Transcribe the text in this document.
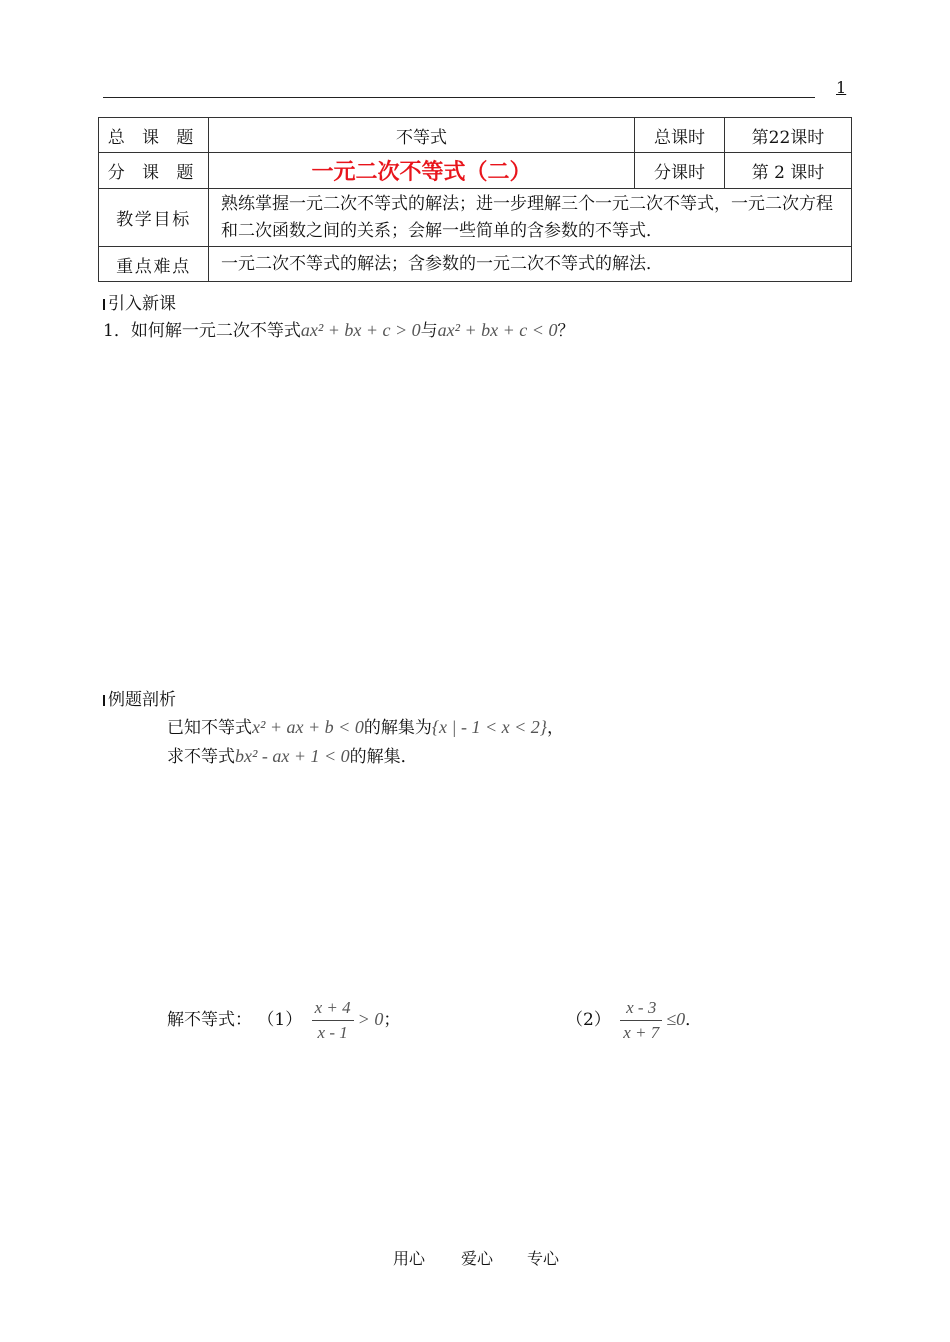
1
总 课 题	不等式	总课时	第22课时
分 课 题	一元二次不等式（二）	分课时	第 2 课时
教学目标	熟练掌握一元二次不等式的解法；进一步理解三个一元二次不等式，一元二次方程和二次函数之间的关系；会解一些简单的含参数的不等式．		
重点难点	一元二次不等式的解法；含参数的一元二次不等式的解法．		
引入新课
1．如何解一元二次不等式ax² + bx + c > 0与ax² + bx + c < 0？
例题剖析
已知不等式x² + ax + b < 0的解集为{x | - 1 < x < 2}，
求不等式bx² - ax + 1 < 0的解集．
解不等式： $(1) \frac{x + 4}{x - 1} > 0$；	$(2) \frac{x - 3}{x + 7} \le 0$．
用心 爱心 专心
